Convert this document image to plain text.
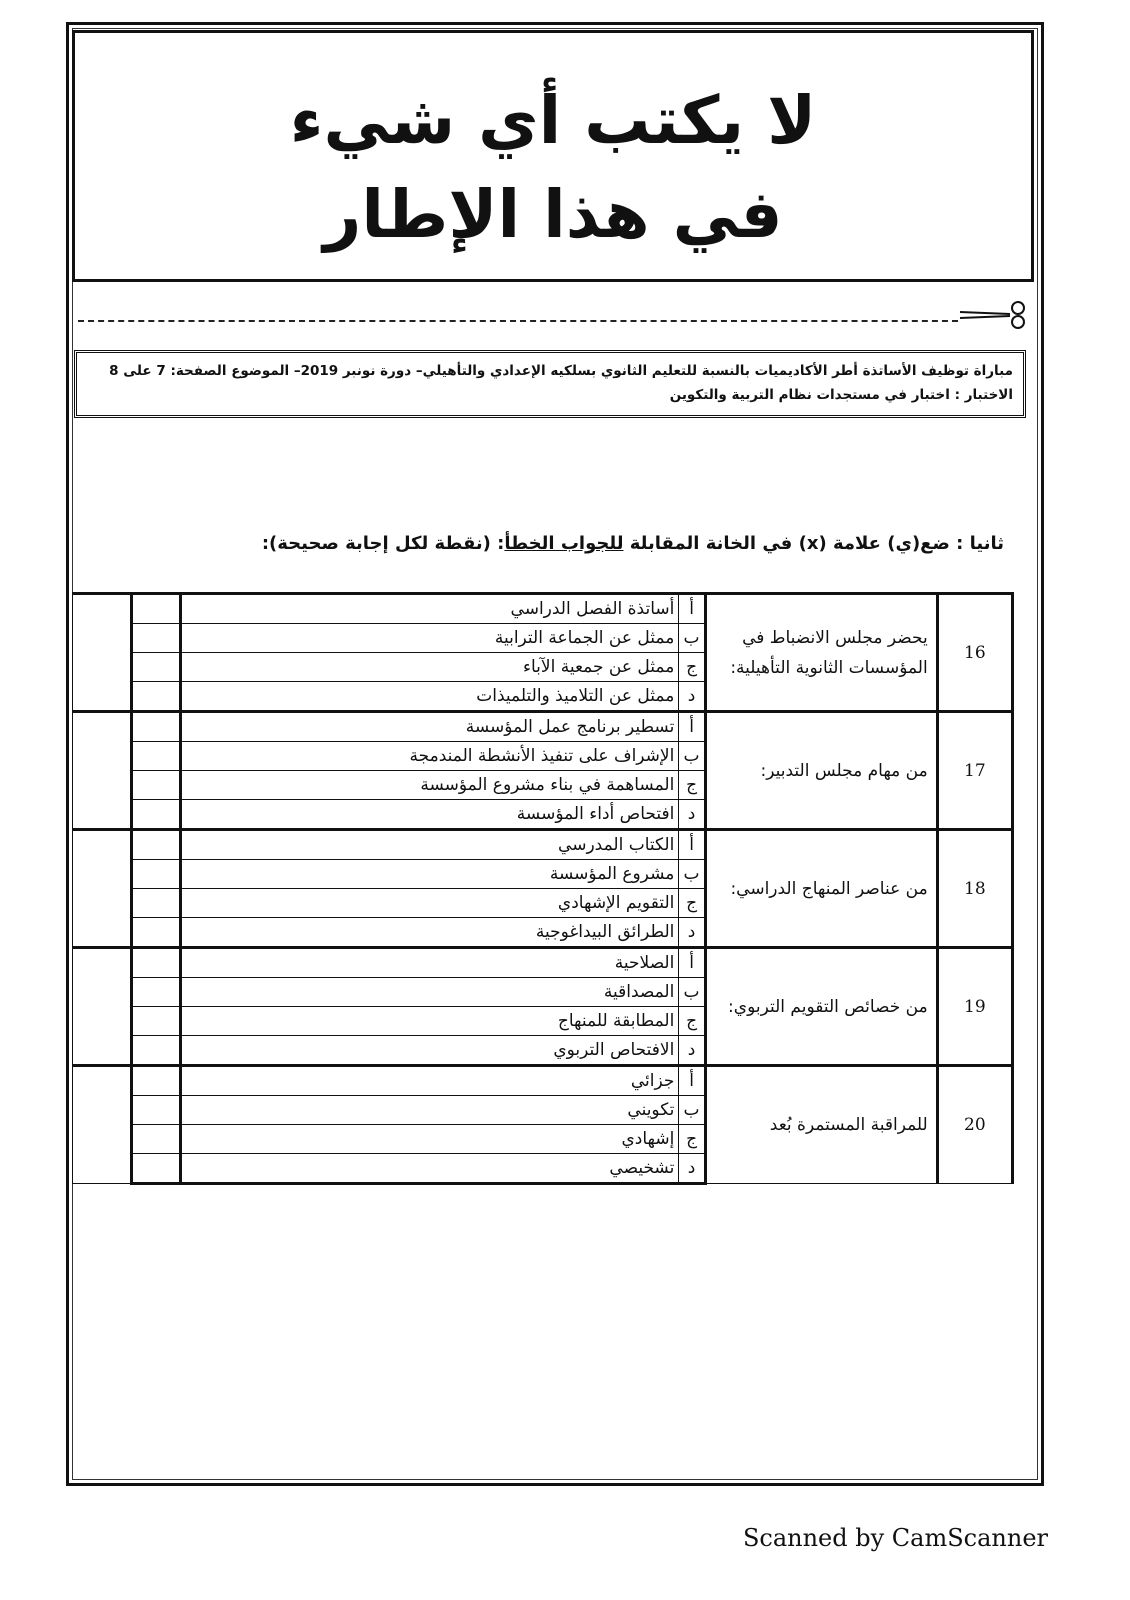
لا يكتب أي شيء
في هذا الإطار
مباراة توظيف الأساتذة أطر الأكاديميات بالنسبة للتعليم الثانوي بسلكيه الإعدادي والتأهيلي– دورة نونبر 2019– الموضوع الصفحة: 7 على 8
الاختبار : اختبار في مستجدات نظام التربية والتكوين
ثانيا : ضع(ي) علامة (x) في الخانة المقابلة للجواب الخطأ: (نقطة لكل إجابة صحيحة):
16	يحضر مجلس الانضباط في المؤسسات الثانوية التأهيلية:	أ	أساتذة الفصل الدراسي		
		ب	ممثل عن الجماعة الترابية		
		ج	ممثل عن جمعية الآباء		
		د	ممثل عن التلاميذ والتلميذات		
17	من مهام مجلس التدبير:	أ	تسطير برنامج عمل المؤسسة		
		ب	الإشراف على تنفيذ الأنشطة المندمجة		
		ج	المساهمة في بناء مشروع المؤسسة		
		د	افتحاص أداء المؤسسة		
18	من عناصر المنهاج الدراسي:	أ	الكتاب المدرسي		
		ب	مشروع المؤسسة		
		ج	التقويم الإشهادي		
		د	الطرائق البيداغوجية		
19	من خصائص التقويم التربوي:	أ	الصلاحية		
		ب	المصداقية		
		ج	المطابقة للمنهاج		
		د	الافتحاص التربوي		
20	للمراقبة المستمرة بُعد	أ	جزائي		
		ب	تكويني		
		ج	إشهادي		
		د	تشخيصي		
Scanned by CamScanner
